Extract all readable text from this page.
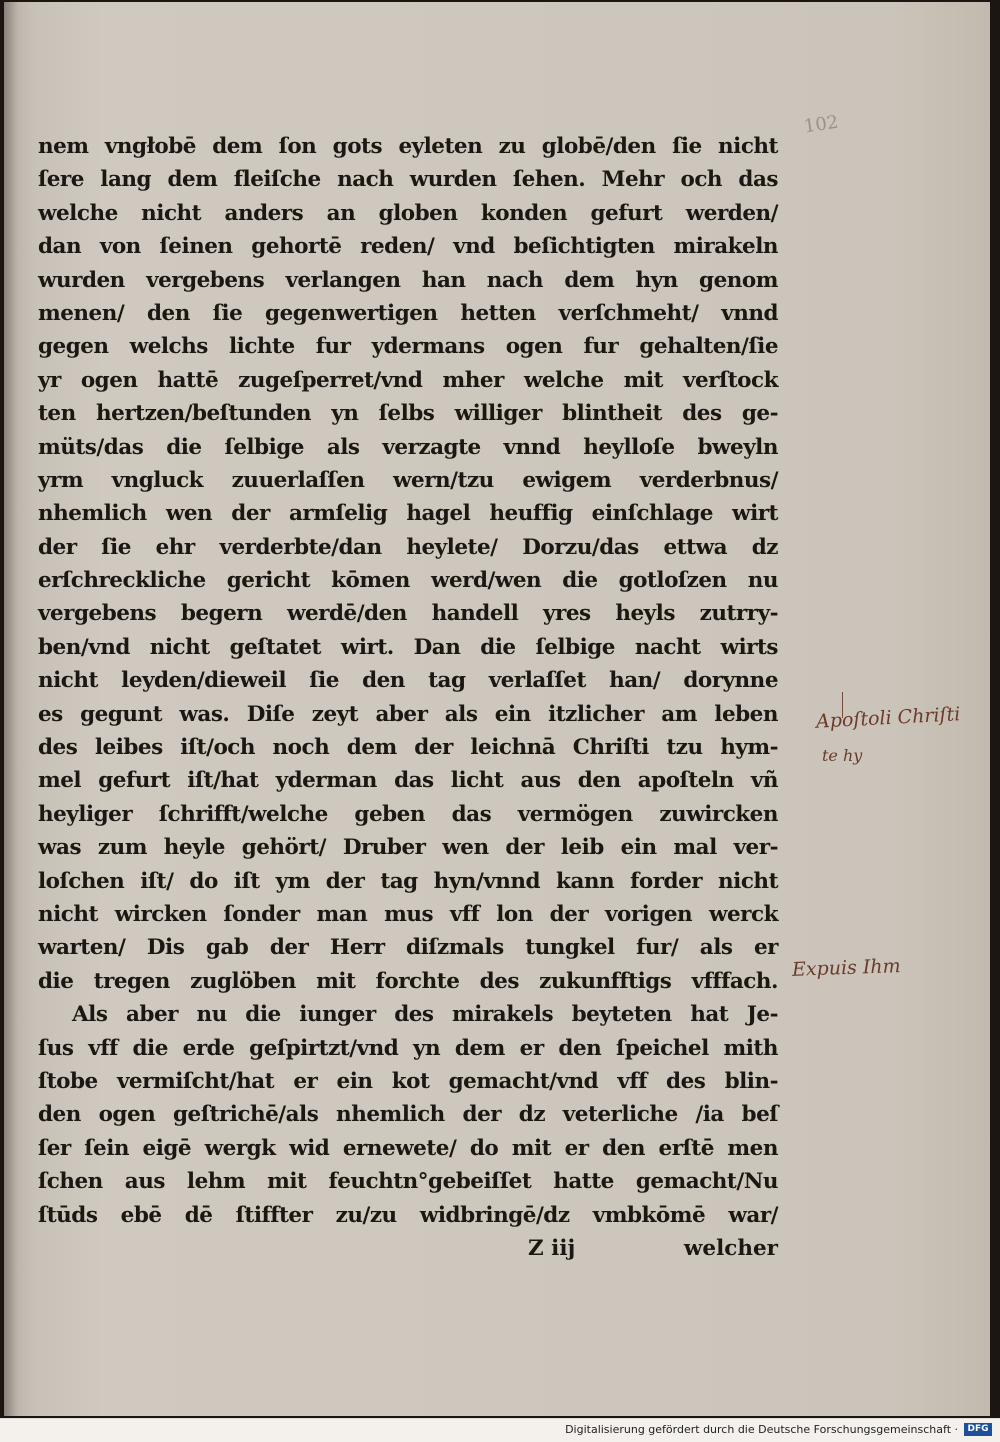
102
nem vngłobē dem ſon gots eyleten zu globē/den ſie nicht
ſere lang dem fleiſche nach wurden ſehen. Mehr och das
welche nicht anders an globen konden gefurt werden/
dan von ſeinen gehortē reden/ vnd beſichtigten mirakeln
wurden vergebens verlangen han nach dem hyn genom
menen/ den ſie gegenwertigen hetten verſchmeht/ vnnd
gegen welchs lichte fur ydermans ogen fur gehalten/ſie
yr ogen hattē zugeſperret/vnd mher welche mit verſtock
ten hertzen/beſtunden yn ſelbs williger blintheit des ge-
müts/das die ſelbige als verzagte vnnd heylloſe bweyln
yrm vngluck zuuerlaſſen wern/tzu ewigem verderbnus/
nhemlich wen der armſelig hagel heuffig einſchlage wirt
der ſie ehr verderbte/dan heylete/ Dorzu/das ettwa dz
erſchreckliche gericht kōmen werd/wen die gotloſzen nu
vergebens begern werdē/den handell yres heyls zutrry-
ben/vnd nicht geſtatet wirt. Dan die ſelbige nacht wirts
nicht leyden/dieweil ſie den tag verlaſſet han/ dorynne
es gegunt was. Diſe zeyt aber als ein itzlicher am leben
des leibes iſt/och noch dem der leichnā Chriſti tzu hym-
mel gefurt iſt/hat yderman das licht aus den apoſteln vñ
heyliger ſchrifft/welche geben das vermögen zuwircken
was zum heyle gehört/ Druber wen der leib ein mal ver-
loſchen iſt/ do iſt ym der tag hyn/vnnd kann forder nicht
nicht wircken ſonder man mus vff lon der vorigen werck
warten/ Dis gab der Herr diſzmals tungkel fur/ als er
die tregen zuglöben mit forchte des zukunfftigs vfffach.
Als aber nu die iunger des mirakels beyteten hat Je-
ſus vff die erde geſpirtzt/vnd yn dem er den ſpeichel mith
ſtobe vermiſcht/hat er ein kot gemacht/vnd vff des blin-
den ogen geſtrichē/als nhemlich der dz veterliche /ia beſ
ſer ſein eigē wergk wid ernewete/ do mit er den erſtē men
ſchen aus lehm mit feuchtn°gebeiſſet hatte gemacht/Nu
ſtūds ebē dē ſtiffter zu/zu widbringē/dz vmbkōmē war/
Z iij	welcher
Apoſtoli Chriſti
te hy
Expuis Ihm
Digitalisierung gefördert durch die Deutsche Forschungsgemeinschaft ·	DFG
